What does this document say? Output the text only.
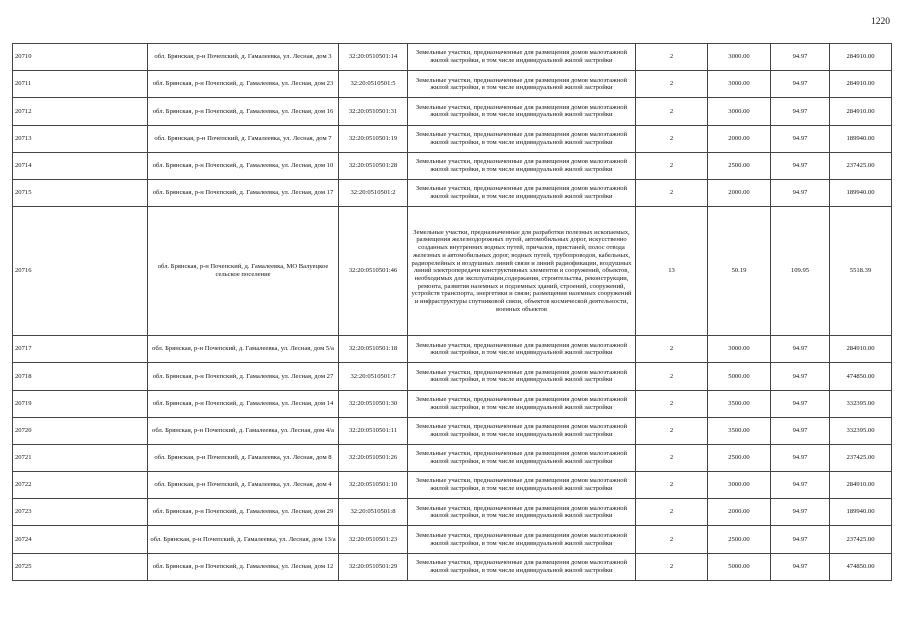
1220
20710	обл. Брянская, р-н Почепский, д. Гамалеевка, ул. Лесная, дом 3	32:20:0510501:14	Земельные участки, предназначенные для размещения домов малоэтажной жилой застройки, в том числе индивидуальной жилой застройки	2	3000.00	94.97	284910.00
20711	обл. Брянская, р-н Почепский, д. Гамалеевка, ул. Лесная, дом 23	32:20:0510501:5	Земельные участки, предназначенные для размещения домов малоэтажной жилой застройки, в том числе индивидуальной жилой застройки	2	3000.00	94.97	284910.00
20712	обл. Брянская, р-н Почепский, д. Гамалеевка, ул. Лесная, дом 16	32:20:0510501:31	Земельные участки, предназначенные для размещения домов малоэтажной жилой застройки, в том числе индивидуальной жилой застройки	2	3000.00	94.97	284910.00
20713	обл. Брянская, р-н Почепский, д. Гамалеевка, ул. Лесная, дом 7	32:20:0510501:19	Земельные участки, предназначенные для размещения домов малоэтажной жилой застройки, в том числе индивидуальной жилой застройки	2	2000.00	94.97	189940.00
20714	обл. Брянская, р-н Почепский, д. Гамалеевка, ул. Лесная, дом 10	32:20:0510501:28	Земельные участки, предназначенные для размещения домов малоэтажной жилой застройки, в том числе индивидуальной жилой застройки	2	2500.00	94.97	237425.00
20715	обл. Брянская, р-н Почепский, д. Гамалеевка, ул. Лесная, дом 17	32:20:0510501:2	Земельные участки, предназначенные для размещения домов малоэтажной жилой застройки, в том числе индивидуальной жилой застройки	2	2000.00	94.97	189940.00
20716	обл. Брянская, р-н Почепский, д. Гамалеевка, МО Валуецкое сельское поселение	32:20:0510501:46	Земельные участки, предназначенные для разработки полезных ископаемых, размещения железнодорожных путей, автомобильных дорог, искусственно созданных внутренних водных путей, причалов, пристаней, полос отвода железных и автомобильных дорог, водных путей, трубопроводов, кабельных, радиорелейных и воздушных линий связи и линий радиофикации, воздушных линий электропередачи конструктивных элементов и сооружений, объектов, необходимых для эксплуатации,содержания, строительства, реконструкции, ремонта, развития наземных и подземных зданий, строений, сооружений, устройств транспорта, энергетики и связи; размещения наземных сооружений и инфраструктуры спутниковой связи, объектов космической деятельности, военных объектов	13	50.19	109.95	5518.39
20717	обл. Брянская, р-н Почепский, д. Гамалеевка, ул. Лесная, дом 5/а	32:20:0510501:18	Земельные участки, предназначенные для размещения домов малоэтажной жилой застройки, в том числе индивидуальной жилой застройки	2	3000.00	94.97	284910.00
20718	обл. Брянская, р-н Почепский, д. Гамалеевка, ул. Лесная, дом 27	32:20:0510501:7	Земельные участки, предназначенные для размещения домов малоэтажной жилой застройки, в том числе индивидуальной жилой застройки	2	5000.00	94.97	474850.00
20719	обл. Брянская, р-н Почепский, д. Гамалеевка, ул. Лесная, дом 14	32:20:0510501:30	Земельные участки, предназначенные для размещения домов малоэтажной жилой застройки, в том числе индивидуальной жилой застройки	2	3500.00	94.97	332395.00
20720	обл. Брянская, р-н Почепский, д. Гамалеевка, ул. Лесная, дом 4/а	32:20:0510501:11	Земельные участки, предназначенные для размещения домов малоэтажной жилой застройки, в том числе индивидуальной жилой застройки	2	3500.00	94.97	332395.00
20721	обл. Брянская, р-н Почепский, д. Гамалеевка, ул. Лесная, дом 8	32:20:0510501:26	Земельные участки, предназначенные для размещения домов малоэтажной жилой застройки, в том числе индивидуальной жилой застройки	2	2500.00	94.97	237425.00
20722	обл. Брянская, р-н Почепский, д. Гамалеевка, ул. Лесная, дом 4	32:20:0510501:10	Земельные участки, предназначенные для размещения домов малоэтажной жилой застройки, в том числе индивидуальной жилой застройки	2	3000.00	94.97	284910.00
20723	обл. Брянская, р-н Почепский, д. Гамалеевка, ул. Лесная, дом 29	32:20:0510501:8	Земельные участки, предназначенные для размещения домов малоэтажной жилой застройки, в том числе индивидуальной жилой застройки	2	2000.00	94.97	189940.00
20724	обл. Брянская, р-н Почепский, д. Гамалеевка, ул. Лесная, дом 13/а	32:20:0510501:23	Земельные участки, предназначенные для размещения домов малоэтажной жилой застройки, в том числе индивидуальной жилой застройки	2	2500.00	94.97	237425.00
20725	обл. Брянская, р-н Почепский, д. Гамалеевка, ул. Лесная, дом 12	32:20:0510501:29	Земельные участки, предназначенные для размещения домов малоэтажной жилой застройки, в том числе индивидуальной жилой застройки	2	5000.00	94.97	474850.00
